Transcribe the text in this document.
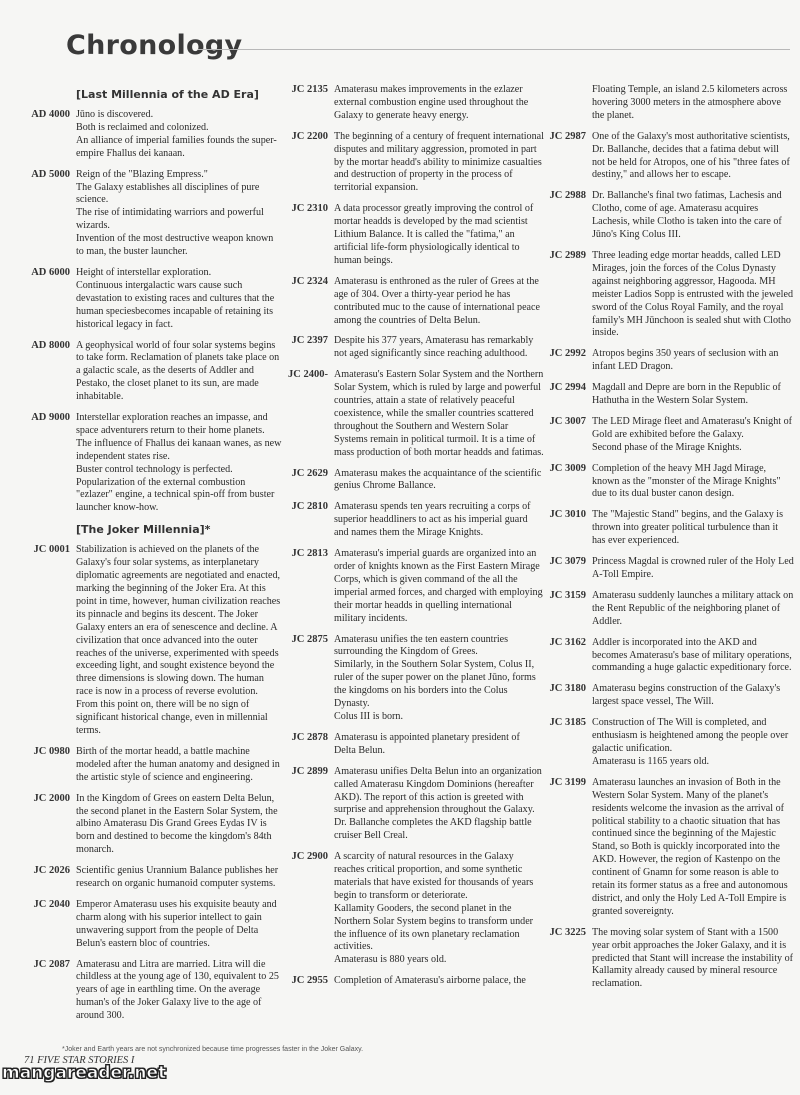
Chronology
[Last Millennia of the AD Era]
AD 4000 Jūno is discovered.

Both is reclaimed and colonized.

An alliance of imperial families founds the super-empire Fhallus dei kanaan.

AD 5000 Reign of the "Blazing Empress."

The Galaxy establishes all disciplines of pure science.

The rise of intimidating warriors and powerful wizards.

Invention of the most destructive weapon known to man, the buster launcher.

AD 6000 Height of interstellar exploration.

Continuous intergalactic wars cause such devastation to existing races and cultures that the human speciesbecomes incapable of retaining its historical legacy in fact.

AD 8000 A geophysical world of four solar systems begins to take form. Reclamation of planets take place on a galactic scale, as the deserts of Addler and Pestako, the closet planet to its sun, are made inhabitable.

AD 9000 Interstellar exploration reaches an impasse, and space adventurers return to their home planets.

The influence of Fhallus dei kanaan wanes, as new independent states rise.

Buster control technology is perfected.

Popularization of the external combustion "ezlazer" engine, a technical spin-off from buster launcher know-how.

[The Joker Millennia]*
JC 0001 Stabilization is achieved on the planets of the Galaxy's four solar systems, as interplanetary diplomatic agreements are negotiated and enacted, marking the beginning of the Joker Era. At this point in time, however, human civilization reaches its pinnacle and begins its descent. The Joker Galaxy enters an era of senescence and decline. A civilization that once advanced into the outer reaches of the universe, experimented with speeds exceeding light, and sought existence beyond the three dimensions is slowing down. The human race is now in a process of reverse evolution. From this point on, there will be no sign of significant historical change, even in millennial terms.

JC 0980 Birth of the mortar headd, a battle machine modeled after the human anatomy and designed in the artistic style of science and engineering.

JC 2000 In the Kingdom of Grees on eastern Delta Belun, the second planet in the Eastern Solar System, the albino Amaterasu Dis Grand Grees Eydas IV is born and destined to become the kingdom's 84th monarch.

JC 2026 Scientific genius Urannium Balance publishes her research on organic humanoid computer systems.

JC 2040 Emperor Amaterasu uses his exquisite beauty and charm along with his superior intellect to gain unwavering support from the people of Delta Belun's eastern bloc of countries.

JC 2087 Amaterasu and Litra are married. Litra will die childless at the young age of 130, equivalent to 25 years of age in earthling time. On the average human's of the Joker Galaxy live to the age of around 300.

JC 2135 Amaterasu makes improvements in the ezlazer external combustion engine used throughout the Galaxy to generate heavy energy.

JC 2200 The beginning of a century of frequent international disputes and military aggression, promoted in part by the mortar headd's ability to minimize casualties and destruction of property in the process of territorial expansion.

JC 2310 A data processor greatly improving the control of mortar headds is developed by the mad scientist Lithium Balance. It is called the "fatima," an artificial life-form physiologically identical to human beings.

JC 2324 Amaterasu is enthroned as the ruler of Grees at the age of 304. Over a thirty-year period he has contributed muc to the cause of international peace among the countries of Delta Belun.

JC 2397 Despite his 377 years, Amaterasu has remarkably not aged significantly since reaching adulthood.

JC 2400- Amaterasu's Eastern Solar System and the Northern Solar System, which is ruled by large and powerful countries, attain a state of relatively peaceful coexistence, while the smaller countries scattered throughout the Southern and Western Solar Systems remain in political turmoil. It is a time of mass production of both mortar headds and fatimas.

JC 2629 Amaterasu makes the acquaintance of the scientific genius Chrome Ballance.

JC 2810 Amaterasu spends ten years recruiting a corps of superior headdliners to act as his imperial guard and names them the Mirage Knights.

JC 2813 Amaterasu's imperial guards are organized into an order of knights known as the First Eastern Mirage Corps, which is given command of the all the imperial armed forces, and charged with employing their mortar headds in quelling international military incidents.

JC 2875 Amaterasu unifies the ten eastern countries surrounding the Kingdom of Grees.

Similarly, in the Southern Solar System, Colus II, ruler of the super power on the planet Jūno, forms the kingdoms on his borders into the Colus Dynasty.

Colus III is born.

JC 2878 Amaterasu is appointed planetary president of Delta Belun.

JC 2899 Amaterasu unifies Delta Belun into an organization called Amaterasu Kingdom Dominions (hereafter AKD). The report of this action is greeted with surprise and apprehension throughout the Galaxy.

Dr. Ballanche completes the AKD flagship battle cruiser Bell Creal.

JC 2900 A scarcity of natural resources in the Galaxy reaches critical proportion, and some synthetic materials that have existed for thousands of years begin to transform or deteriorate.

Kallamity Gooders, the second planet in the Northern Solar System begins to transform under the influence of its own planetary reclamation activities.

Amaterasu is 880 years old.

JC 2955 Completion of Amaterasu's airborne palace, the

Floating Temple, an island 2.5 kilometers across hovering 3000 meters in the atmosphere above the planet.

JC 2987 One of the Galaxy's most authoritative scientists, Dr. Ballanche, decides that a fatima debut will not be held for Atropos, one of his "three fates of destiny," and allows her to escape.

JC 2988 Dr. Ballanche's final two fatimas, Lachesis and Clotho, come of age. Amaterasu acquires Lachesis, while Clotho is taken into the care of Jūno's King Colus III.

JC 2989 Three leading edge mortar headds, called LED Mirages, join the forces of the Colus Dynasty against neighboring aggressor, Hagooda. MH meister Ladios Sopp is entrusted with the jeweled sword of the Colus Royal Family, and the royal family's MH Jūnchoon is sealed shut with Clotho inside.

JC 2992 Atropos begins 350 years of seclusion with an infant LED Dragon.

JC 2994 Magdall and Depre are born in the Republic of Hathutha in the Western Solar System.

JC 3007 The LED Mirage fleet and Amaterasu's Knight of Gold are exhibited before the Galaxy.

Second phase of the Mirage Knights.

JC 3009 Completion of the heavy MH Jagd Mirage, known as the "monster of the Mirage Knights" due to its dual buster canon design.

JC 3010 The "Majestic Stand" begins, and the Galaxy is thrown into greater political turbulence than it has ever experienced.

JC 3079 Princess Magdal is crowned ruler of the Holy Led A-Toll Empire.

JC 3159 Amaterasu suddenly launches a military attack on the Rent Republic of the neighboring planet of Addler.

JC 3162 Addler is incorporated into the AKD and becomes Amaterasu's base of military operations, commanding a huge galactic expeditionary force.

JC 3180 Amaterasu begins construction of the Galaxy's largest space vessel, The Will.

JC 3185 Construction of The Will is completed, and enthusiasm is heightened among the people over galactic unification.

Amaterasu is 1165 years old.

JC 3199 Amaterasu launches an invasion of Both in the Western Solar System. Many of the planet's residents welcome the invasion as the arrival of political stability to a chaotic situation that has continued since the beginning of the Majestic Stand, so Both is quickly incorporated into the AKD. However, the region of Kastenpo on the continent of Gnamn for some reason is able to retain its former status as a free and autonomous district, and only the Holy Led A-Toll Empire is granted sovereignty.

JC 3225 The moving solar system of Stant with a 1500 year orbit approaches the Joker Galaxy, and it is predicted that Stant will increase the instability of Kallamity already caused by mineral resource reclamation.

*Joker and Earth years are not synchronized because time progresses faster in the Joker Galaxy.
71 FIVE STAR STORIES I
mangareader.net
